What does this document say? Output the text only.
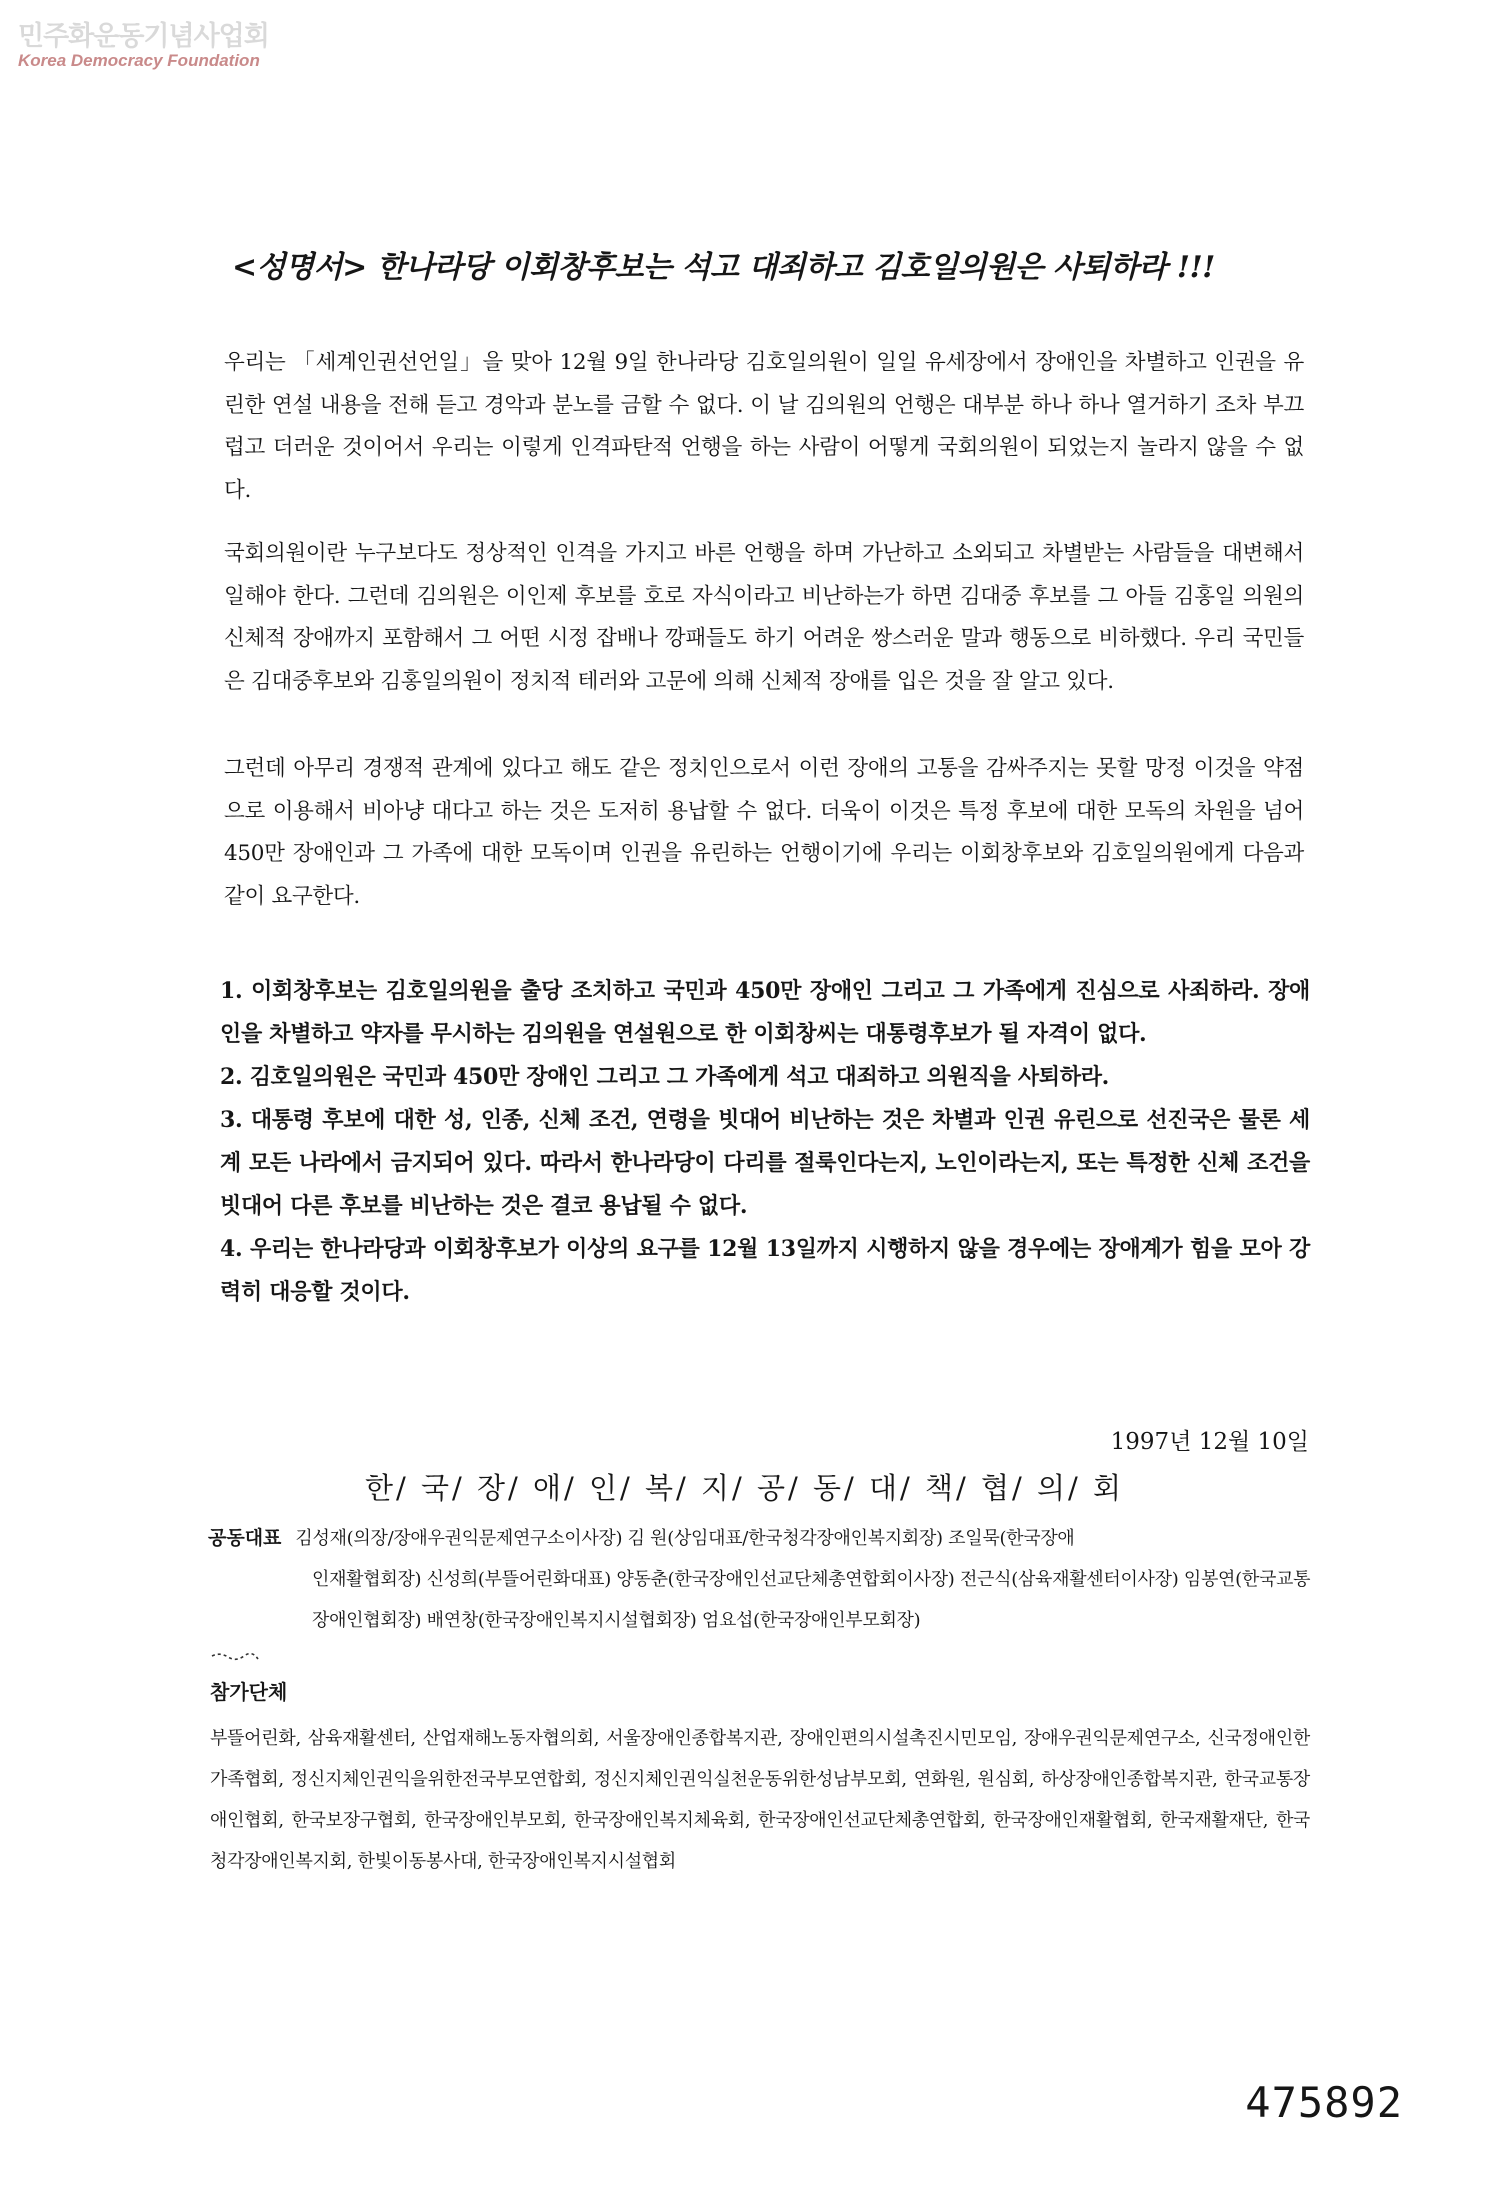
민주화운동기념사업회
Korea Democracy Foundation
<성명서> 한나라당 이회창후보는 석고 대죄하고 김호일의원은 사퇴하라 !!!

우리는 「세계인권선언일」을 맞아 12월 9일 한나라당 김호일의원이 일일 유세장에서 장애인을 차별하고 인권을 유린한 연설 내용을 전해 듣고 경악과 분노를 금할 수 없다. 이 날 김의원의 언행은 대부분 하나 하나 열거하기 조차 부끄럽고 더러운 것이어서 우리는 이렇게 인격파탄적 언행을 하는 사람이 어떻게 국회의원이 되었는지 놀라지 않을 수 없다.

국회의원이란 누구보다도 정상적인 인격을 가지고 바른 언행을 하며 가난하고 소외되고 차별받는 사람들을 대변해서 일해야 한다. 그런데 김의원은 이인제 후보를 호로 자식이라고 비난하는가 하면 김대중 후보를 그 아들 김홍일 의원의 신체적 장애까지 포함해서 그 어떤 시정 잡배나 깡패들도 하기 어려운 쌍스러운 말과 행동으로 비하했다. 우리 국민들은 김대중후보와 김홍일의원이 정치적 테러와 고문에 의해 신체적 장애를 입은 것을 잘 알고 있다.

그런데 아무리 경쟁적 관계에 있다고 해도 같은 정치인으로서 이런 장애의 고통을 감싸주지는 못할 망정 이것을 약점으로 이용해서 비아냥 대다고 하는 것은 도저히 용납할 수 없다. 더욱이 이것은 특정 후보에 대한 모독의 차원을 넘어 450만 장애인과 그 가족에 대한 모독이며 인권을 유린하는 언행이기에 우리는 이회창후보와 김호일의원에게 다음과 같이 요구한다.

1. 이회창후보는 김호일의원을 출당 조치하고 국민과 450만 장애인 그리고 그 가족에게 진심으로 사죄하라. 장애인을 차별하고 약자를 무시하는 김의원을 연설원으로 한 이회창씨는 대통령후보가 될 자격이 없다.

2. 김호일의원은 국민과 450만 장애인 그리고 그 가족에게 석고 대죄하고 의원직을 사퇴하라.

3. 대통령 후보에 대한 성, 인종, 신체 조건, 연령을 빗대어 비난하는 것은 차별과 인권 유린으로 선진국은 물론 세계 모든 나라에서 금지되어 있다. 따라서 한나라당이 다리를 절룩인다는지, 노인이라는지, 또는 특정한 신체 조건을 빗대어 다른 후보를 비난하는 것은 결코 용납될 수 없다.

4. 우리는 한나라당과 이회창후보가 이상의 요구를 12월 13일까지 시행하지 않을 경우에는 장애계가 힘을 모아 강력히 대응할 것이다.

1997년 12월 10일
한/ 국/ 장/ 애/ 인/ 복/ 지/ 공/ 동/ 대/ 책/ 협/ 의/ 회
공동대표 김성재(의장/장애우권익문제연구소이사장) 김 원(상임대표/한국청각장애인복지회장) 조일묵(한국장애
인재활협회장) 신성희(부뜰어린화대표) 양동춘(한국장애인선교단체총연합회이사장) 전근식(삼육재활센터이사장) 임봉연(한국교통장애인협회장) 배연창(한국장애인복지시설협회장) 엄요섭(한국장애인부모회장)
참가단체

부뜰어린화, 삼육재활센터, 산업재해노동자협의회, 서울장애인종합복지관, 장애인편의시설촉진시민모임, 장애우권익문제연구소, 신국정애인한가족협회, 정신지체인권익을위한전국부모연합회, 정신지체인권익실천운동위한성남부모회, 연화원, 원심회, 하상장애인종합복지관, 한국교통장애인협회, 한국보장구협회, 한국장애인부모회, 한국장애인복지체육회, 한국장애인선교단체총연합회, 한국장애인재활협회, 한국재활재단, 한국청각장애인복지회, 한빛이동봉사대, 한국장애인복지시설협회

475892
